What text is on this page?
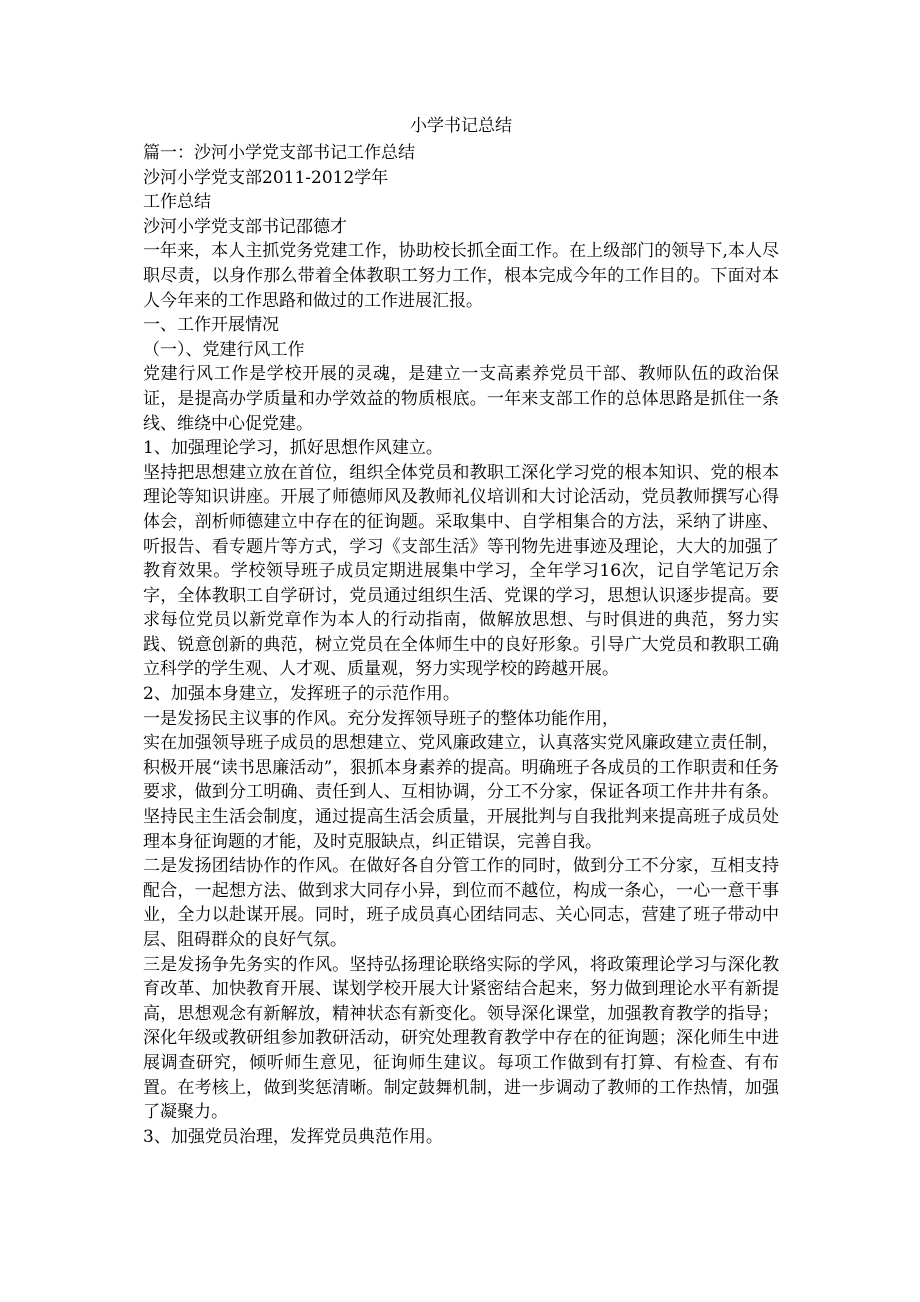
小学书记总结

篇一：沙河小学党支部书记工作总结

沙河小学党支部2011-2012学年

工作总结

沙河小学党支部书记邵德才

一年来，本人主抓党务党建工作，协助校长抓全面工作。在上级部门的领导下,本人尽职尽责，以身作那么带着全体教职工努力工作，根本完成今年的工作目的。下面对本人今年来的工作思路和做过的工作进展汇报。

一、工作开展情况

（一）、党建行风工作

党建行风工作是学校开展的灵魂，是建立一支高素养党员干部、教师队伍的政治保证，是提高办学质量和办学效益的物质根底。一年来支部工作的总体思路是抓住一条线、维绕中心促党建。

1、加强理论学习，抓好思想作风建立。

坚持把思想建立放在首位，组织全体党员和教职工深化学习党的根本知识、党的根本理论等知识讲座。开展了师德师风及教师礼仪培训和大讨论活动，党员教师撰写心得体会，剖析师德建立中存在的征询题。采取集中、自学相集合的方法，采纳了讲座、听报告、看专题片等方式，学习《支部生活》等刊物先进事迹及理论，大大的加强了教育效果。学校领导班子成员定期进展集中学习，全年学习16次，记自学笔记万余字，全体教职工自学研讨，党员通过组织生活、党课的学习，思想认识逐步提高。要求每位党员以新党章作为本人的行动指南，做解放思想、与时俱进的典范，努力实践、锐意创新的典范，树立党员在全体师生中的良好形象。引导广大党员和教职工确立科学的学生观、人才观、质量观，努力实现学校的跨越开展。

2、加强本身建立，发挥班子的示范作用。

一是发扬民主议事的作风。充分发挥领导班子的整体功能作用，

实在加强领导班子成员的思想建立、党风廉政建立，认真落实党风廉政建立责任制，积极开展“读书思廉活动”，狠抓本身素养的提高。明确班子各成员的工作职责和任务要求，做到分工明确、责任到人、互相协调，分工不分家，保证各项工作井井有条。坚持民主生活会制度，通过提高生活会质量，开展批判与自我批判来提高班子成员处理本身征询题的才能，及时克服缺点，纠正错误，完善自我。

二是发扬团结协作的作风。在做好各自分管工作的同时，做到分工不分家，互相支持配合，一起想方法、做到求大同存小异，到位而不越位，构成一条心，一心一意干事业，全力以赴谋开展。同时，班子成员真心团结同志、关心同志，营建了班子带动中层、阻碍群众的良好气氛。

三是发扬争先务实的作风。坚持弘扬理论联络实际的学风，将政策理论学习与深化教育改革、加快教育开展、谋划学校开展大计紧密结合起来，努力做到理论水平有新提高，思想观念有新解放，精神状态有新变化。领导深化课堂，加强教育教学的指导；深化年级或教研组参加教研活动，研究处理教育教学中存在的征询题；深化师生中进展调查研究，倾听师生意见，征询师生建议。每项工作做到有打算、有检查、有布置。在考核上，做到奖惩清晰。制定鼓舞机制，进一步调动了教师的工作热情，加强了凝聚力。

3、加强党员治理，发挥党员典范作用。
